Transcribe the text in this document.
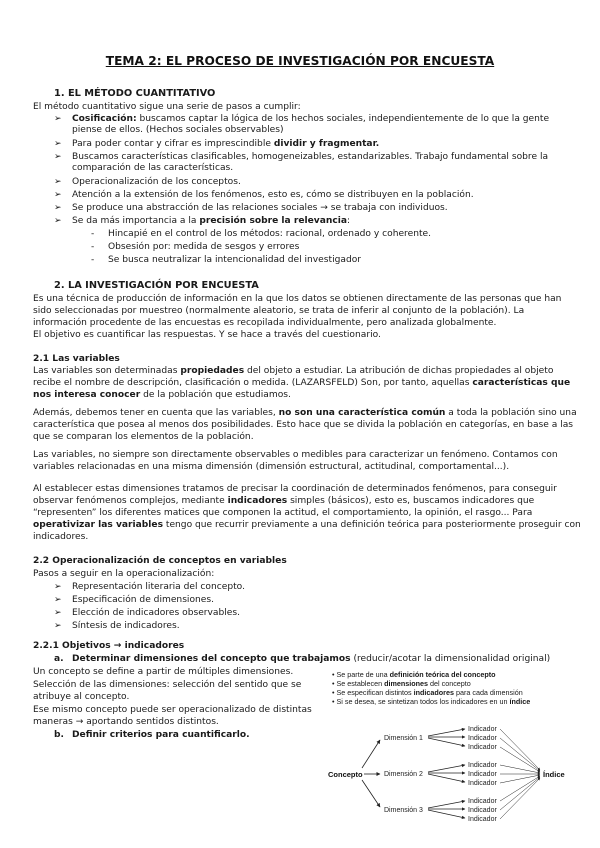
TEMA 2: EL PROCESO DE INVESTIGACIÓN POR ENCUESTA
1. EL MÉTODO CUANTITATIVO
El método cuantitativo sigue una serie de pasos a cumplir:
➢ Cosificación: buscamos captar la lógica de los hechos sociales, independientemente de lo que la gente
piense de ellos. (Hechos sociales observables)
➢ Para poder contar y cifrar es imprescindible dividir y fragmentar.
➢ Buscamos características clasificables, homogeneizables, estandarizables. Trabajo fundamental sobre la
comparación de las características.
➢ Operacionalización de los conceptos.
➢ Atención a la extensión de los fenómenos, esto es, cómo se distribuyen en la población.
➢ Se produce una abstracción de las relaciones sociales → se trabaja con individuos.
➢ Se da más importancia a la precisión sobre la relevancia:
- Hincapié en el control de los métodos: racional, ordenado y coherente.
- Obsesión por: medida de sesgos y errores
- Se busca neutralizar la intencionalidad del investigador
2. LA INVESTIGACIÓN POR ENCUESTA
Es una técnica de producción de información en la que los datos se obtienen directamente de las personas que han
sido seleccionadas por muestreo (normalmente aleatorio, se trata de inferir al conjunto de la población). La
información procedente de las encuestas es recopilada individualmente, pero analizada globalmente.
El objetivo es cuantificar las respuestas. Y se hace a través del cuestionario.
2.1 Las variables
Las variables son determinadas propiedades del objeto a estudiar. La atribución de dichas propiedades al objeto
recibe el nombre de descripción, clasificación o medida. (LAZARSFELD) Son, por tanto, aquellas características que
nos interesa conocer de la población que estudiamos.
Además, debemos tener en cuenta que las variables, no son una característica común a toda la población sino una
característica que posea al menos dos posibilidades. Esto hace que se divida la población en categorías, en base a las
que se comparan los elementos de la población.
Las variables, no siempre son directamente observables o medibles para caracterizar un fenómeno. Contamos con
variables relacionadas en una misma dimensión (dimensión estructural, actitudinal, comportamental...).
Al establecer estas dimensiones tratamos de precisar la coordinación de determinados fenómenos, para conseguir
observar fenómenos complejos, mediante indicadores simples (básicos), esto es, buscamos indicadores que
“representen” los diferentes matices que componen la actitud, el comportamiento, la opinión, el rasgo... Para
operativizar las variables tengo que recurrir previamente a una definición teórica para posteriormente proseguir con
indicadores.
2.2 Operacionalización de conceptos en variables
Pasos a seguir en la operacionalización:
➢ Representación literaria del concepto.
➢ Especificación de dimensiones.
➢ Elección de indicadores observables.
➢ Síntesis de indicadores.
2.2.1 Objetivos → indicadores
a. Determinar dimensiones del concepto que trabajamos (reducir/acotar la dimensionalidad original)
Un concepto se define a partir de múltiples dimensiones.
Selección de las dimensiones: selección del sentido que se
atribuye al concepto.
Ese mismo concepto puede ser operacionalizado de distintas
maneras → aportando sentidos distintos.
b. Definir criterios para cuantificarlo.
• Se parte de una definición teórica del concepto
• Se establecen dimensiones del concepto
• Se especifican distintos indicadores para cada dimensión
• Si se desea, se sintetizan todos los indicadores en un índice
Concepto	Índice
Dimensión 1
Dimensión 2
Dimensión 3
Indicador
Indicador
Indicador
Indicador
Indicador
Indicador
Indicador
Indicador
Indicador
